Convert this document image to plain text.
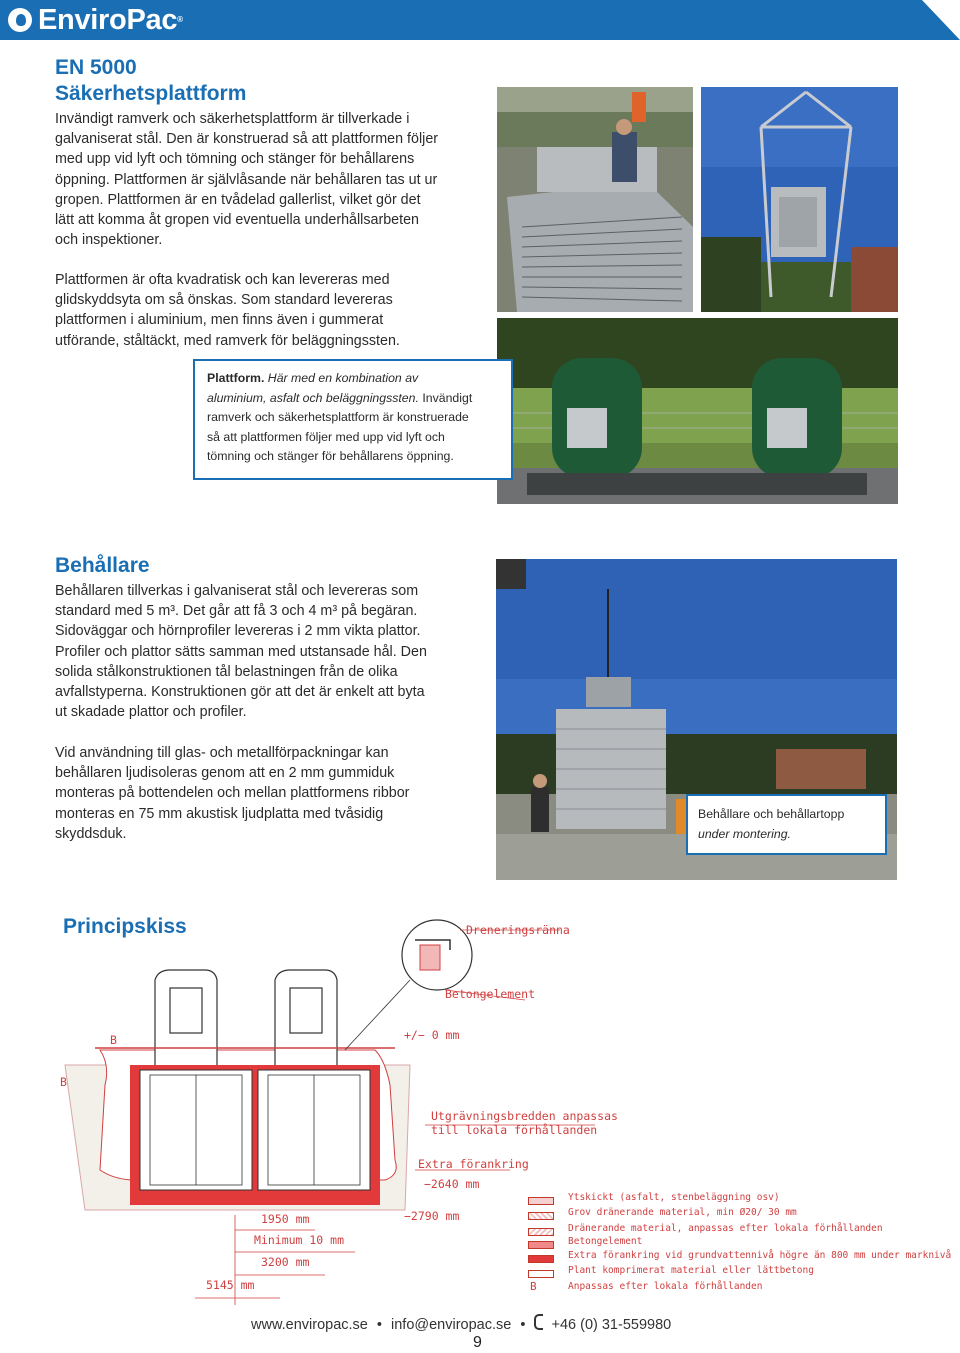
EnviroPac®
EN 5000
Säkerhetsplattform
Invändigt ramverk och säkerhetsplattform är tillverkade i
galvaniserat stål. Den är konstruerad så att plattformen följer
med upp vid lyft och tömning och stänger för behållarens
öppning. Plattformen är självlåsande när behållaren tas ut ur
gropen. Plattformen är en tvådelad gallerlist, vilket gör det
lätt att komma åt gropen vid eventuella underhållsarbeten
och inspektioner.
Plattformen är ofta kvadratisk och kan levereras med
glidskyddsyta om så önskas. Som standard levereras
plattformen i aluminium, men finns även i gummerat
utförande, ståltäckt, med ramverk för beläggningssten.
Plattform. Här med en kombination av
aluminium, asfalt och beläggningssten. Invändigt
ramverk och säkerhetsplattform är konstruerade
så att plattformen följer med upp vid lyft och
tömning och stänger för behållarens öppning.
Behållare
Behållaren tillverkas i galvaniserat stål och levereras som
standard med 5 m³. Det går att få 3 och 4 m³ på begäran.
Sidoväggar och hörnprofiler levereras i 2 mm vikta plattor.
Profiler och plattor sätts samman med utstansade hål. Den
solida stålkonstruktionen tål belastningen från de olika
avfallstyperna. Konstruktionen gör att det är enkelt att byta
ut skadade plattor och profiler.
Vid användning till glas- och metallförpackningar kan
behållaren ljudisoleras genom att en 2 mm gummiduk
monteras på bottendelen och mellan plattformens ribbor
monteras en 75 mm akustisk ljudplatta med tvåsidig
skyddsduk.
Behållare och behållartopp
under montering.
Principskiss	Dreneringsränna
Betongelement
+/− 0 mm
B
B
Utgrävningsbredden anpassas
till lokala förhållanden
Extra förankring
−2640 mm
−2790 mm
1950 mm
Minimum 10 mm
3200 mm
5145 mm
Ytskickt (asfalt, stenbeläggning osv)
Grov dränerande material, min Ø20/ 30 mm
Dränerande material, anpassas efter lokala förhållanden
Betongelement
Extra förankring vid grundvattennivå högre än 800 mm under marknivå
Plant komprimerat material eller lättbetong
B	Anpassas efter lokala förhållanden
www.enviropac.se • info@enviropac.se • +46 (0) 31-559980
9
